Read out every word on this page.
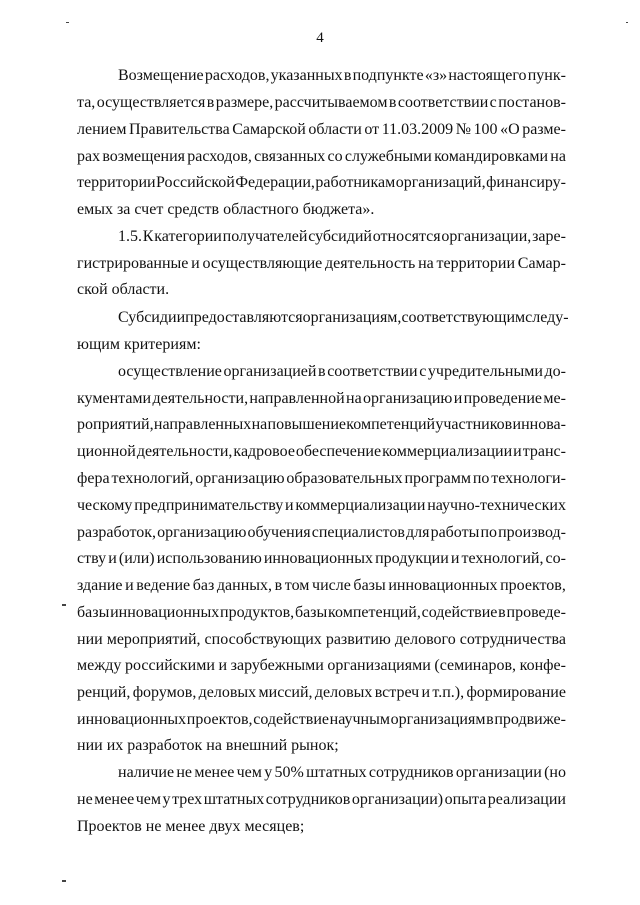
4
Возмещение расходов, указанных в подпункте «з» настоящего пунк-
та, осуществляется в размере, рассчитываемом в соответствии с постанов-
лением Правительства Самарской области от 11.03.2009 № 100 «О разме-
рах возмещения расходов, связанных со служебными командировками на
территории Российской Федерации, работникам организаций, финансиру-
емых за счет средств областного бюджета».
1.5. К категории получателей субсидий относятся организации, заре-
гистрированные и осуществляющие деятельность на территории Самар-
ской области.
Субсидии предоставляются организациям, соответствующим следу-
ющим критериям:
осуществление организацией в соответствии с учредительными до-
кументами деятельности, направленной на организацию и проведение ме-
роприятий, направленных на повышение компетенций участников иннова-
ционной деятельности, кадровое обеспечение коммерциализации и транс-
фера технологий, организацию образовательных программ по технологи-
ческому предпринимательству и коммерциализации научно-технических
разработок, организацию обучения специалистов для работы по производ-
ству и (или) использованию инновационных продукции и технологий, со-
здание и ведение баз данных, в том числе базы инновационных проектов,
базы инновационных продуктов, базы компетенций, содействие в проведе-
нии мероприятий, способствующих развитию делового сотрудничества
между российскими и зарубежными организациями (семинаров, конфе-
ренций, форумов, деловых миссий, деловых встреч и т.п.), формирование
инновационных проектов, содействие научным организациям в продвиже-
нии их разработок на внешний рынок;
наличие не менее чем у 50% штатных сотрудников организации (но
не менее чем у трех штатных сотрудников организации) опыта реализации
Проектов не менее двух месяцев;
